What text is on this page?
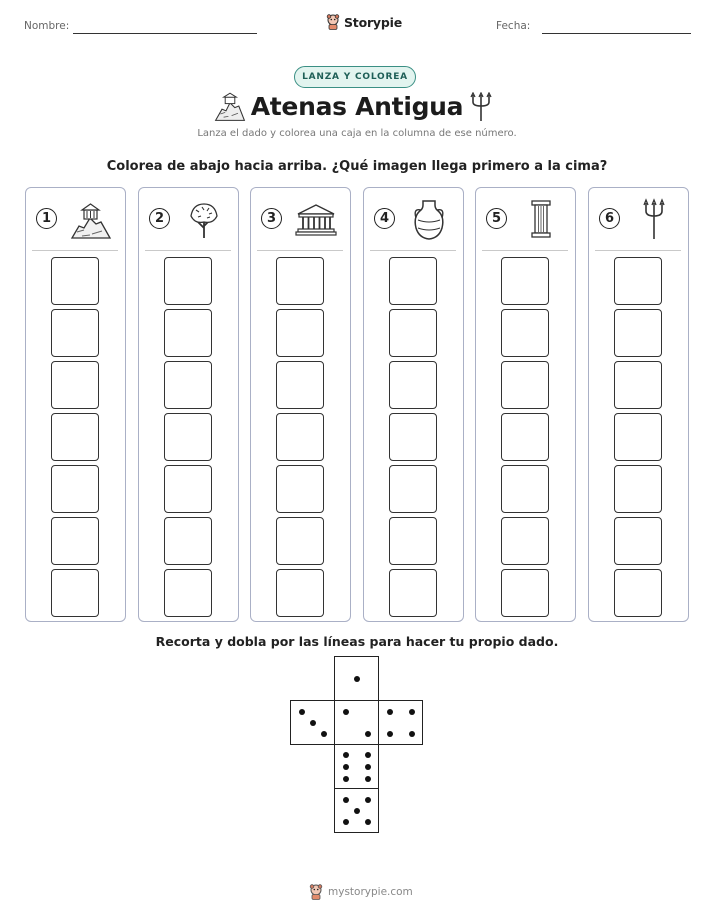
Nombre:	Storypie	Fecha:
LANZA Y COLOREA
Atenas Antigua
Lanza el dado y colorea una caja en la columna de ese número.
Colorea de abajo hacia arriba. ¿Qué imagen llega primero a la cima?
1	2	3	4	5	6
Recorta y dobla por las líneas para hacer tu propio dado.
mystorypie.com
